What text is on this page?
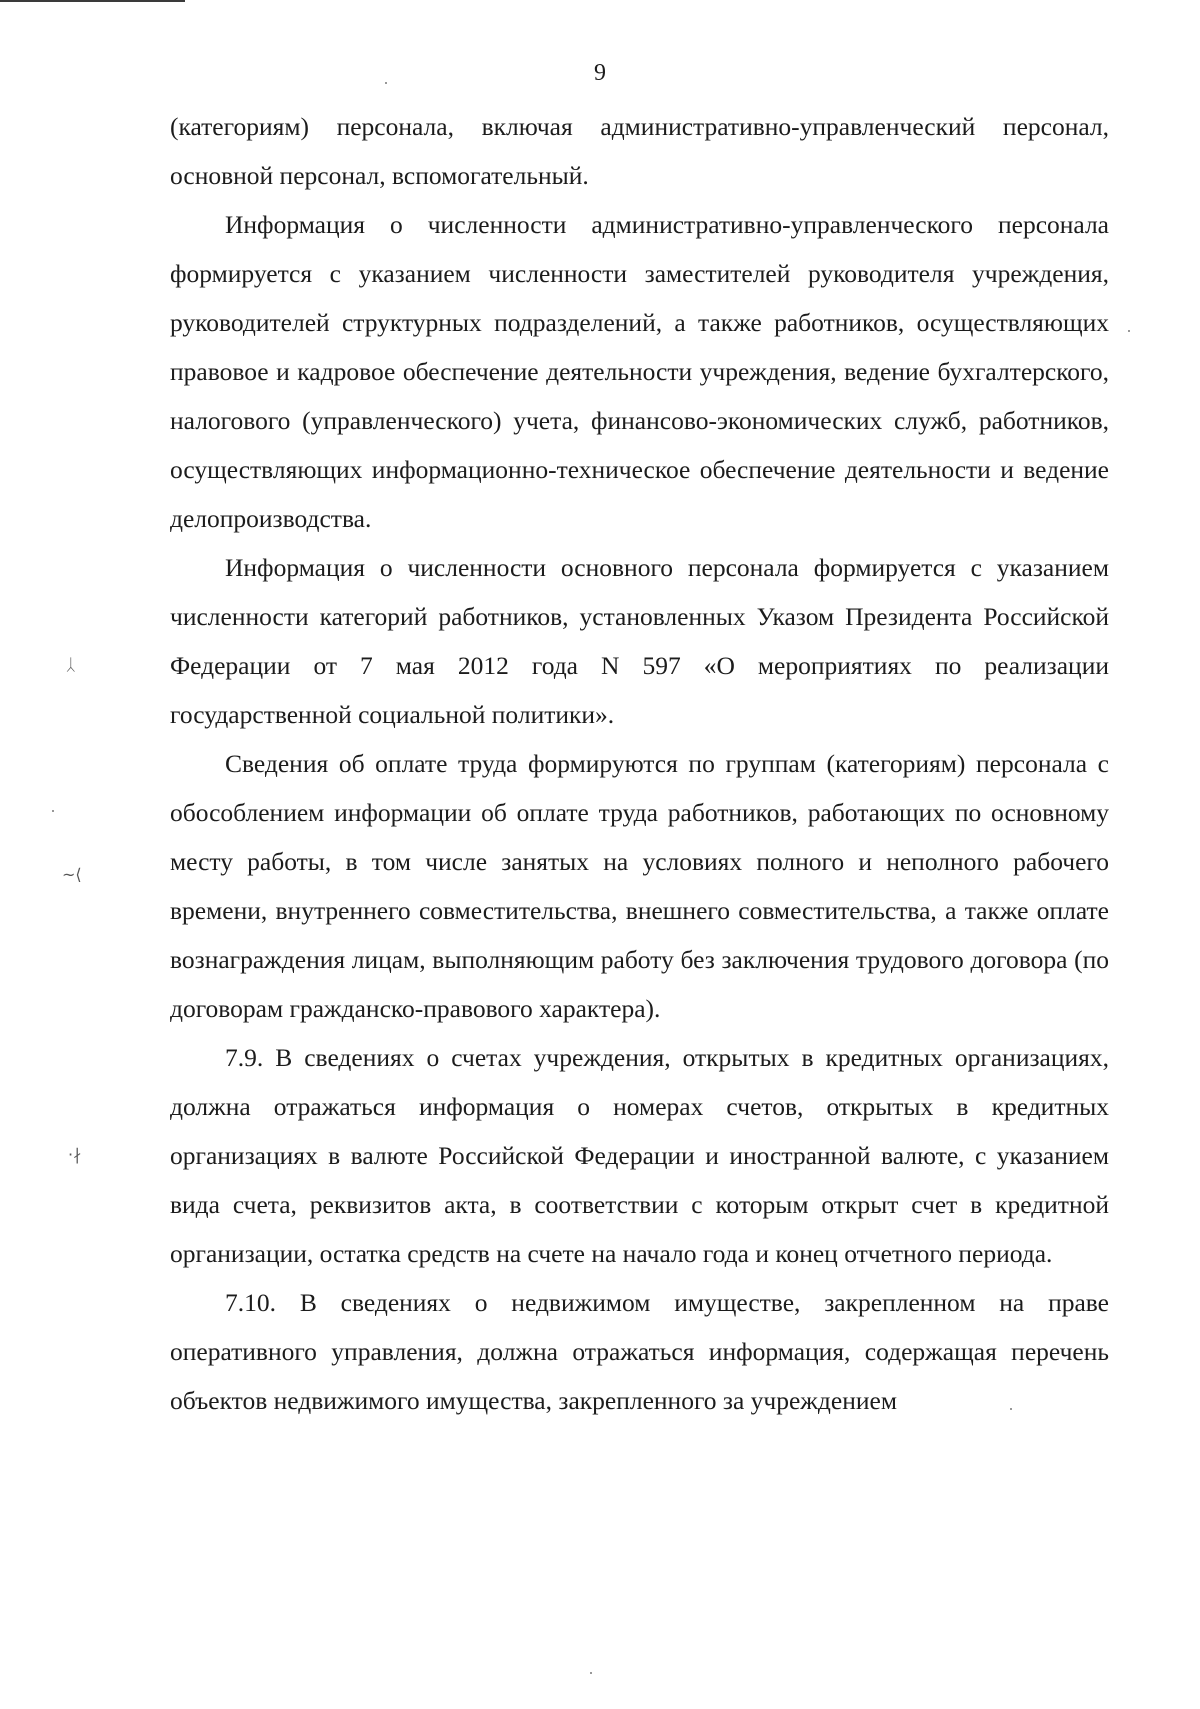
9

(категориям) персонала, включая административно-управленческий персонал, основной персонал, вспомогательный.

Информация о численности административно-управленческого персонала формируется с указанием численности заместителей руководителя учреждения, руководителей структурных подразделений, а также работников, осуществляющих правовое и кадровое обеспечение деятельности учреждения, ведение бухгалтерского, налогового (управленческого) учета, финансово-экономических служб, работников, осуществляющих информационно-техническое обеспечение деятельности и ведение делопроизводства.

Информация о численности основного персонала формируется с указанием численности категорий работников, установленных Указом Президента Российской Федерации от 7 мая 2012 года N 597 «О мероприятиях по реализации государственной социальной политики».

Сведения об оплате труда формируются по группам (категориям) персонала с обособлением информации об оплате труда работников, работающих по основному месту работы, в том числе занятых на условиях полного и неполного рабочего времени, внутреннего совместительства, внешнего совместительства, а также оплате вознаграждения лицам, выполняющим работу без заключения трудового договора (по договорам гражданско-правового характера).

7.9. В сведениях о счетах учреждения, открытых в кредитных организациях, должна отражаться информация о номерах счетов, открытых в кредитных организациях в валюте Российской Федерации и иностранной валюте, с указанием вида счета, реквизитов акта, в соответствии с которым открыт счет в кредитной организации, остатка средств на счете на начало года и конец отчетного периода.

7.10. В сведениях о недвижимом имуществе, закрепленном на праве оперативного управления, должна отражаться информация, содержащая перечень объектов недвижимого имущества, закрепленного за учреждением

ᛸ
~⟨
·∤
